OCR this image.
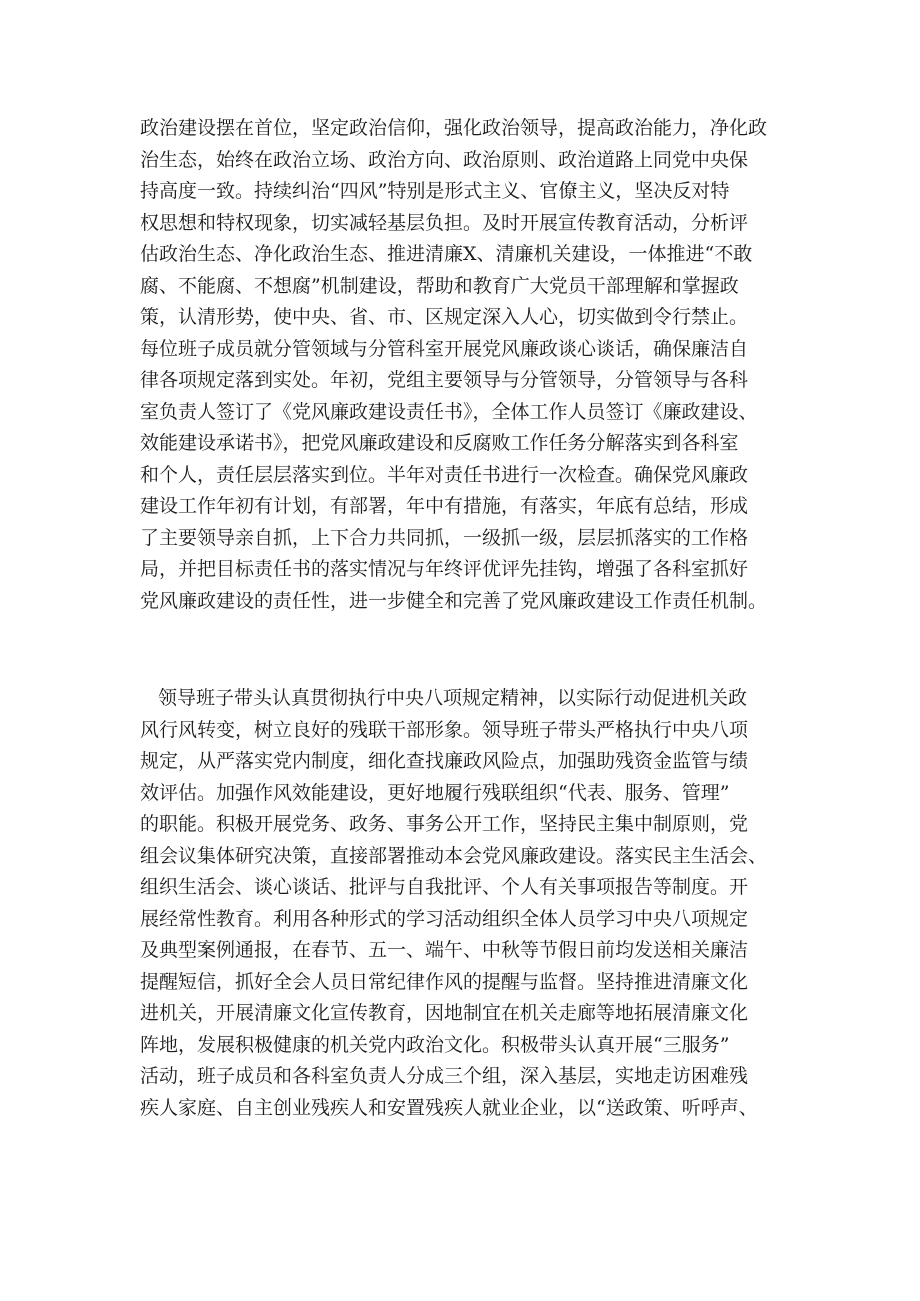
政治建设摆在首位，坚定政治信仰，强化政治领导，提高政治能力，净化政
治生态，始终在政治立场、政治方向、政治原则、政治道路上同党中央保
持高度一致。持续纠治“四风”特别是形式主义、官僚主义，坚决反对特
权思想和特权现象，切实减轻基层负担。及时开展宣传教育活动，分析评
估政治生态、净化政治生态、推进清廉X、清廉机关建设，一体推进“不敢
腐、不能腐、不想腐”机制建设，帮助和教育广大党员干部理解和掌握政
策，认清形势，使中央、省、市、区规定深入人心，切实做到令行禁止。
每位班子成员就分管领域与分管科室开展党风廉政谈心谈话，确保廉洁自
律各项规定落到实处。年初，党组主要领导与分管领导，分管领导与各科
室负责人签订了《党风廉政建设责任书》，全体工作人员签订《廉政建设、
效能建设承诺书》，把党风廉政建设和反腐败工作任务分解落实到各科室
和个人，责任层层落实到位。半年对责任书进行一次检查。确保党风廉政
建设工作年初有计划，有部署，年中有措施，有落实，年底有总结，形成
了主要领导亲自抓，上下合力共同抓，一级抓一级，层层抓落实的工作格
局，并把目标责任书的落实情况与年终评优评先挂钩，增强了各科室抓好
党风廉政建设的责任性，进一步健全和完善了党风廉政建设工作责任机制。

领导班子带头认真贯彻执行中央八项规定精神，以实际行动促进机关政
风行风转变，树立良好的残联干部形象。领导班子带头严格执行中央八项
规定，从严落实党内制度，细化查找廉政风险点，加强助残资金监管与绩
效评估。加强作风效能建设，更好地履行残联组织“代表、服务、管理”
的职能。积极开展党务、政务、事务公开工作，坚持民主集中制原则，党
组会议集体研究决策，直接部署推动本会党风廉政建设。落实民主生活会、
组织生活会、谈心谈话、批评与自我批评、个人有关事项报告等制度。开
展经常性教育。利用各种形式的学习活动组织全体人员学习中央八项规定
及典型案例通报，在春节、五一、端午、中秋等节假日前均发送相关廉洁
提醒短信，抓好全会人员日常纪律作风的提醒与监督。坚持推进清廉文化
进机关，开展清廉文化宣传教育，因地制宜在机关走廊等地拓展清廉文化
阵地，发展积极健康的机关党内政治文化。积极带头认真开展“三服务”
活动，班子成员和各科室负责人分成三个组，深入基层，实地走访困难残
疾人家庭、自主创业残疾人和安置残疾人就业企业，以“送政策、听呼声、
